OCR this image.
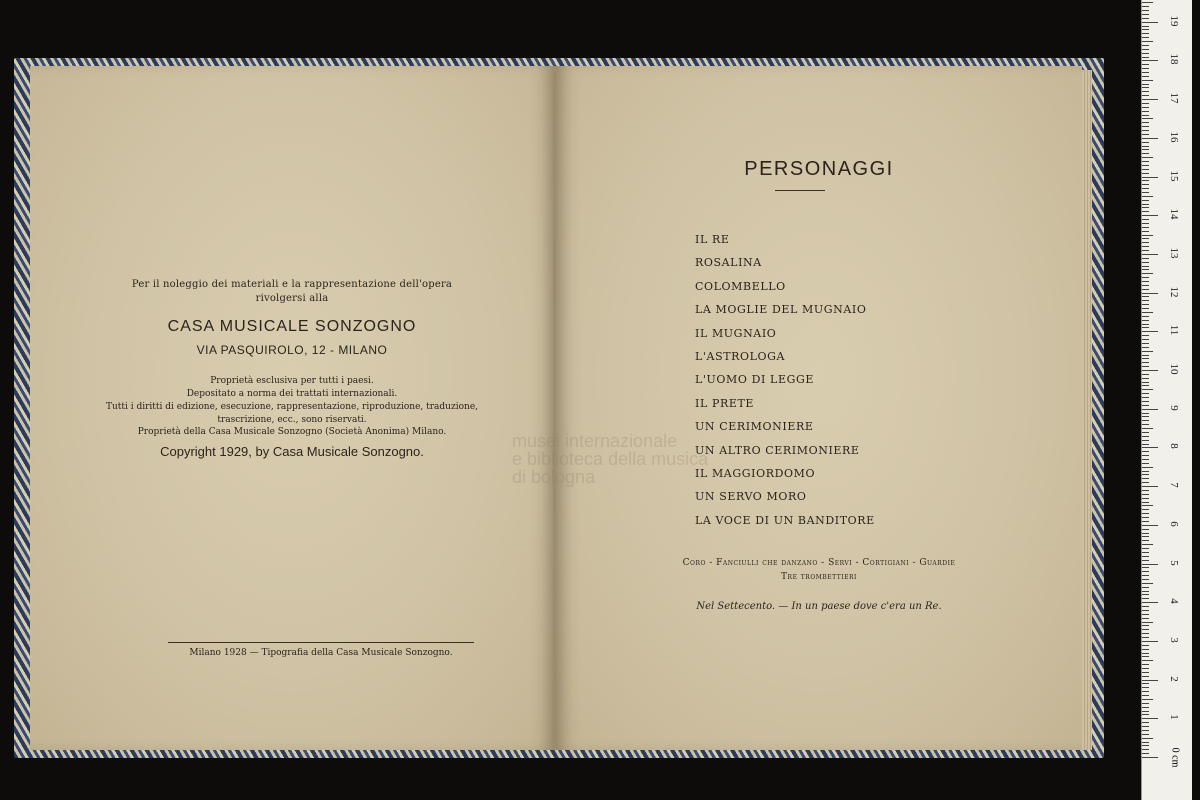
Per il noleggio dei materiali e la rappresentazione dell'opera
rivolgersi alla
CASA MUSICALE SONZOGNO
VIA PASQUIROLO, 12 - MILANO
Proprietà esclusiva per tutti i paesi.
Depositato a norma dei trattati internazionali.
Tutti i diritti di edizione, esecuzione, rappresentazione, riproduzione, traduzione,
trascrizione, ecc., sono riservati.
Proprietà della Casa Musicale Sonzogno (Società Anonima) Milano.
Copyright 1929, by Casa Musicale Sonzogno.
Milano 1928 — Tipografia della Casa Musicale Sonzogno.
PERSONAGGI
IL RE
ROSALINA
COLOMBELLO
LA MOGLIE DEL MUGNAIO
IL MUGNAIO
L'ASTROLOGA
L'UOMO DI LEGGE
IL PRETE
UN CERIMONIERE
UN ALTRO CERIMONIERE
IL MAGGIORDOMO
UN SERVO MORO
LA VOCE DI UN BANDITORE
Coro - Fanciulli che danzano - Servi - Cortigiani - Guardie
Tre trombettieri
Nel Settecento. — In un paese dove c'era un Re.
musei internazionale
e biblioteca della musica
di bologna
0 cm
1
2
3
4
5
6
7
8
9
10
11
12
13
14
15
16
17
18
19
